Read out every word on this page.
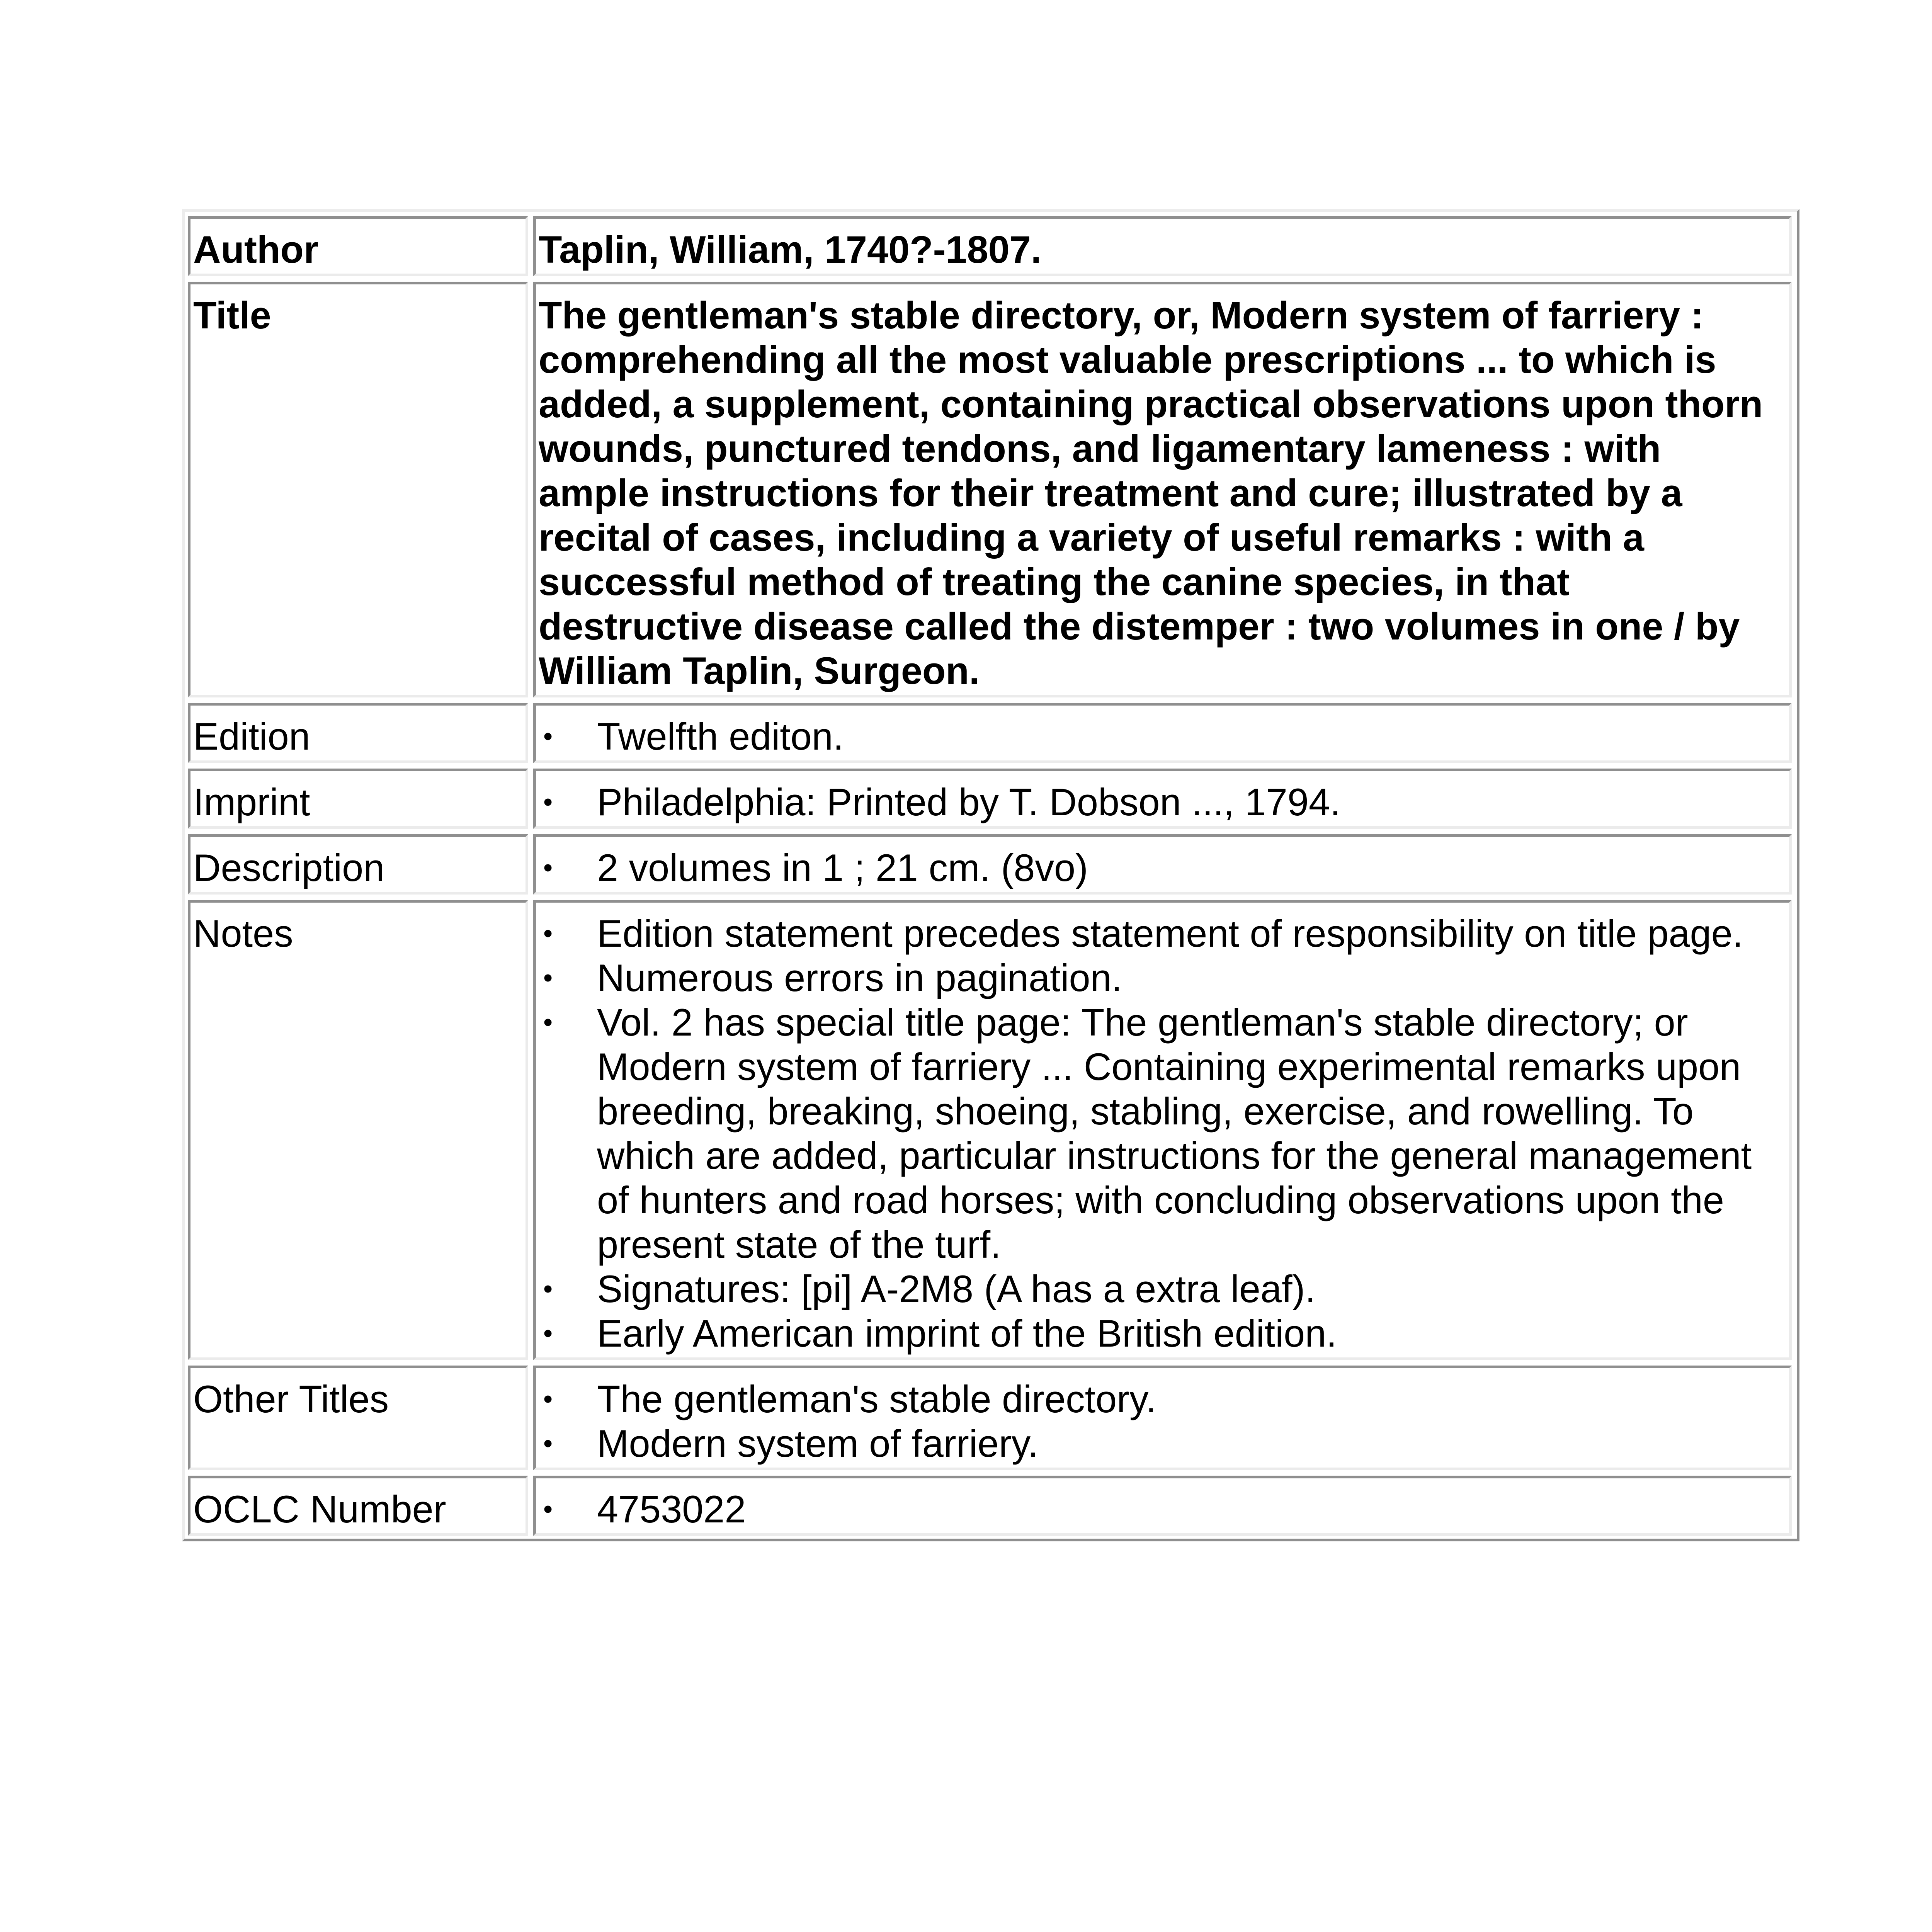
Author	Taplin, William, 1740?-1807.
Title	The gentleman's stable directory, or, Modern system of farriery :
comprehending all the most valuable prescriptions ... to which is
added, a supplement, containing practical observations upon thorn
wounds, punctured tendons, and ligamentary lameness : with
ample instructions for their treatment and cure; illustrated by a
recital of cases, including a variety of useful remarks : with a
successful method of treating the canine species, in that
destructive disease called the distemper : two volumes in one / by
William Taplin, Surgeon.
Edition	• Twelfth editon.
Imprint	• Philadelphia: Printed by T. Dobson ..., 1794.
Description	• 2 volumes in 1 ; 21 cm. (8vo)
Notes	• Edition statement precedes statement of responsibility on title page.
• Numerous errors in pagination.
• Vol. 2 has special title page: The gentleman's stable directory; or
Modern system of farriery ... Containing experimental remarks upon
breeding, breaking, shoeing, stabling, exercise, and rowelling. To
which are added, particular instructions for the general management
of hunters and road horses; with concluding observations upon the
present state of the turf.
• Signatures: [pi] A-2M8 (A has a extra leaf).
• Early American imprint of the British edition.
Other Titles	• The gentleman's stable directory.
• Modern system of farriery.
OCLC Number	• 4753022
